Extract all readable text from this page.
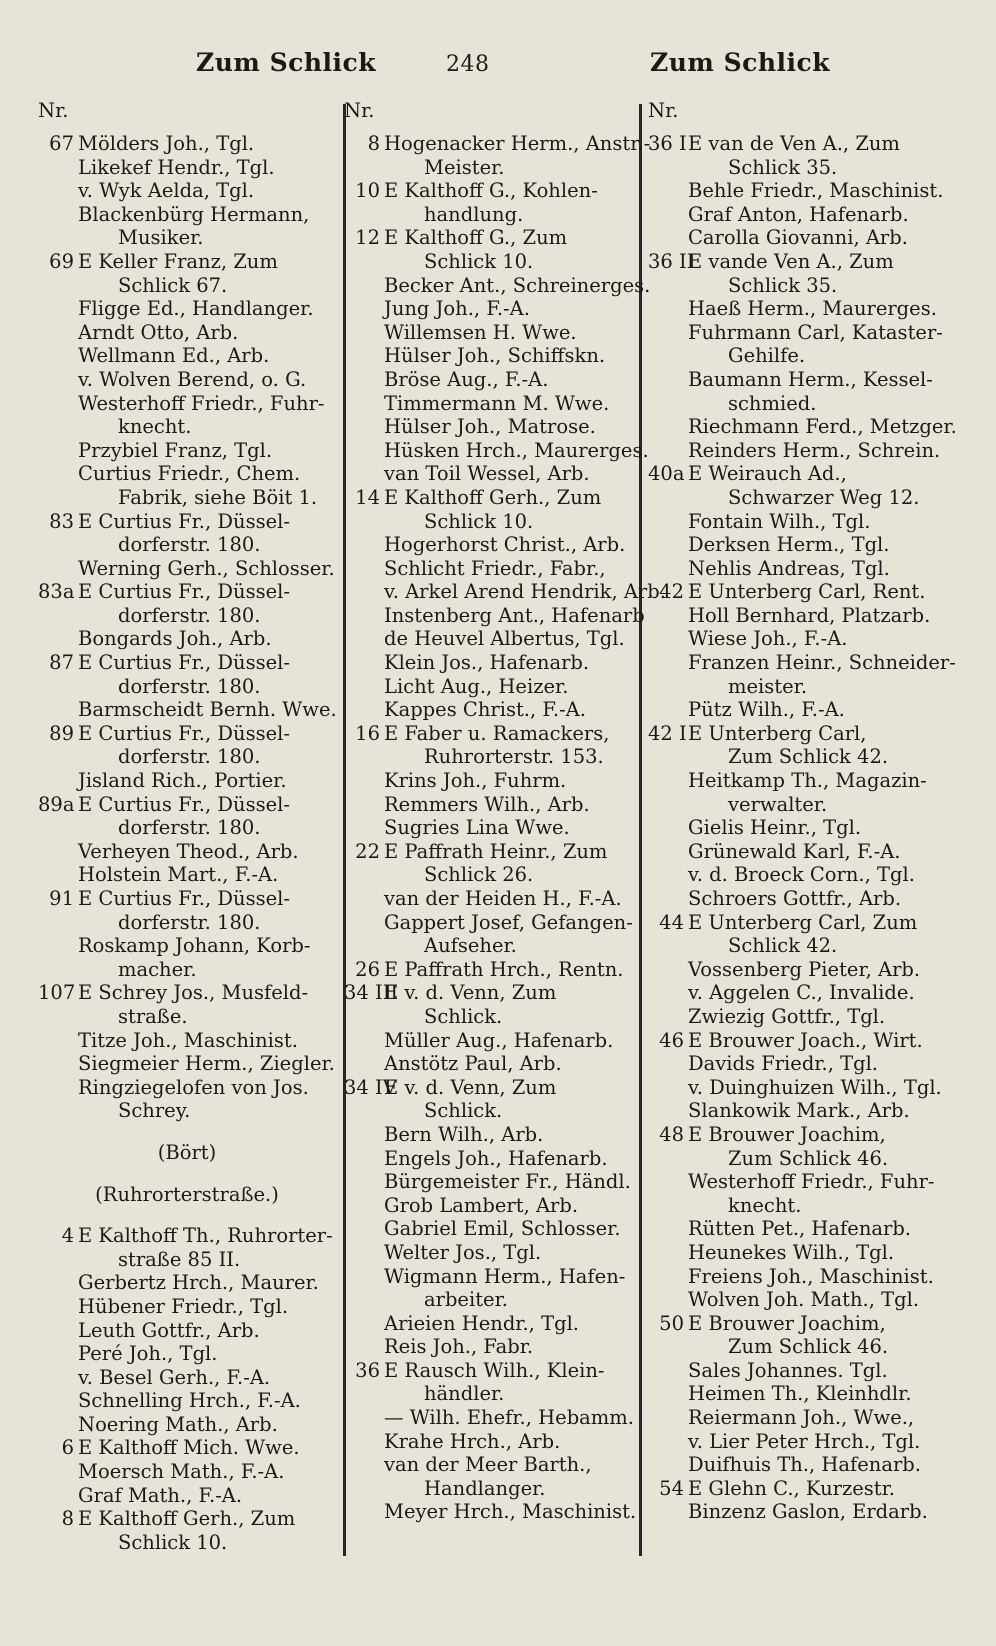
Zum Schlick	248	Zum Schlick
Nr.
67 Mölders Joh., Tgl.
Likekef Hendr., Tgl.
v. Wyk Aelda, Tgl.
Blackenbürg Hermann,
Musiker.
69 E Keller Franz, Zum
Schlick 67.
Fligge Ed., Handlanger.
Arndt Otto, Arb.
Wellmann Ed., Arb.
v. Wolven Berend, o. G.
Westerhoff Friedr., Fuhr-
knecht.
Przybiel Franz, Tgl.
Curtius Friedr., Chem.
Fabrik, siehe Böit 1.
83 E Curtius Fr., Düssel-
dorferstr. 180.
Werning Gerh., Schlosser.
83a E Curtius Fr., Düssel-
dorferstr. 180.
Bongards Joh., Arb.
87 E Curtius Fr., Düssel-
dorferstr. 180.
Barmscheidt Bernh. Wwe.
89 E Curtius Fr., Düssel-
dorferstr. 180.
Jisland Rich., Portier.
89a E Curtius Fr., Düssel-
dorferstr. 180.
Verheyen Theod., Arb.
Holstein Mart., F.-A.
91 E Curtius Fr., Düssel-
dorferstr. 180.
Roskamp Johann, Korb-
macher.
107 E Schrey Jos., Musfeld-
straße.
Titze Joh., Maschinist.
Siegmeier Herm., Ziegler.
Ringziegelofen von Jos.
Schrey.
(Bört)
(Ruhrorterstraße.)
4 E Kalthoff Th., Ruhrorter-
straße 85 II.
Gerbertz Hrch., Maurer.
Hübener Friedr., Tgl.
Leuth Gottfr., Arb.
Peré Joh., Tgl.
v. Besel Gerh., F.-A.
Schnelling Hrch., F.-A.
Noering Math., Arb.
6 E Kalthoff Mich. Wwe.
Moersch Math., F.-A.
Graf Math., F.-A.
8 E Kalthoff Gerh., Zum
Schlick 10.
Nr.
8 Hogenacker Herm., Anstr.-
Meister.
10 E Kalthoff G., Kohlen-
handlung.
12 E Kalthoff G., Zum
Schlick 10.
Becker Ant., Schreinerges.
Jung Joh., F.-A.
Willemsen H. Wwe.
Hülser Joh., Schiffskn.
Bröse Aug., F.-A.
Timmermann M. Wwe.
Hülser Joh., Matrose.
Hüsken Hrch., Maurerges.
van Toil Wessel, Arb.
14 E Kalthoff Gerh., Zum
Schlick 10.
Hogerhorst Christ., Arb.
Schlicht Friedr., Fabr.,
v. Arkel Arend Hendrik, Arb.
Instenberg Ant., Hafenarb
de Heuvel Albertus, Tgl.
Klein Jos., Hafenarb.
Licht Aug., Heizer.
Kappes Christ., F.-A.
16 E Faber u. Ramackers,
Ruhrorterstr. 153.
Krins Joh., Fuhrm.
Remmers Wilh., Arb.
Sugries Lina Wwe.
22 E Paffrath Heinr., Zum
Schlick 26.
van der Heiden H., F.-A.
Gappert Josef, Gefangen-
Aufseher.
26 E Paffrath Hrch., Rentn.
34 IIIE v. d. Venn, Zum
Schlick.
Müller Aug., Hafenarb.
Anstötz Paul, Arb.
34 IVE v. d. Venn, Zum
Schlick.
Bern Wilh., Arb.
Engels Joh., Hafenarb.
Bürgemeister Fr., Händl.
Grob Lambert, Arb.
Gabriel Emil, Schlosser.
Welter Jos., Tgl.
Wigmann Herm., Hafen-
arbeiter.
Arieien Hendr., Tgl.
Reis Joh., Fabr.
36 E Rausch Wilh., Klein-
händler.
— Wilh. Ehefr., Hebamm.
Krahe Hrch., Arb.
van der Meer Barth.,
Handlanger.
Meyer Hrch., Maschinist.
Nr.
36 IE van de Ven A., Zum
Schlick 35.
Behle Friedr., Maschinist.
Graf Anton, Hafenarb.
Carolla Giovanni, Arb.
36 IIE vande Ven A., Zum
Schlick 35.
Haeß Herm., Maurerges.
Fuhrmann Carl, Kataster-
Gehilfe.
Baumann Herm., Kessel-
schmied.
Riechmann Ferd., Metzger.
Reinders Herm., Schrein.
40a E Weirauch Ad.,
Schwarzer Weg 12.
Fontain Wilh., Tgl.
Derksen Herm., Tgl.
Nehlis Andreas, Tgl.
42 E Unterberg Carl, Rent.
Holl Bernhard, Platzarb.
Wiese Joh., F.-A.
Franzen Heinr., Schneider-
meister.
Pütz Wilh., F.-A.
42 IE Unterberg Carl,
Zum Schlick 42.
Heitkamp Th., Magazin-
verwalter.
Gielis Heinr., Tgl.
Grünewald Karl, F.-A.
v. d. Broeck Corn., Tgl.
Schroers Gottfr., Arb.
44 E Unterberg Carl, Zum
Schlick 42.
Vossenberg Pieter, Arb.
v. Aggelen C., Invalide.
Zwiezig Gottfr., Tgl.
46 E Brouwer Joach., Wirt.
Davids Friedr., Tgl.
v. Duinghuizen Wilh., Tgl.
Slankowik Mark., Arb.
48 E Brouwer Joachim,
Zum Schlick 46.
Westerhoff Friedr., Fuhr-
knecht.
Rütten Pet., Hafenarb.
Heunekes Wilh., Tgl.
Freiens Joh., Maschinist.
Wolven Joh. Math., Tgl.
50 E Brouwer Joachim,
Zum Schlick 46.
Sales Johannes. Tgl.
Heimen Th., Kleinhdlr.
Reiermann Joh., Wwe.,
v. Lier Peter Hrch., Tgl.
Duifhuis Th., Hafenarb.
54 E Glehn C., Kurzestr.
Binzenz Gaslon, Erdarb.
